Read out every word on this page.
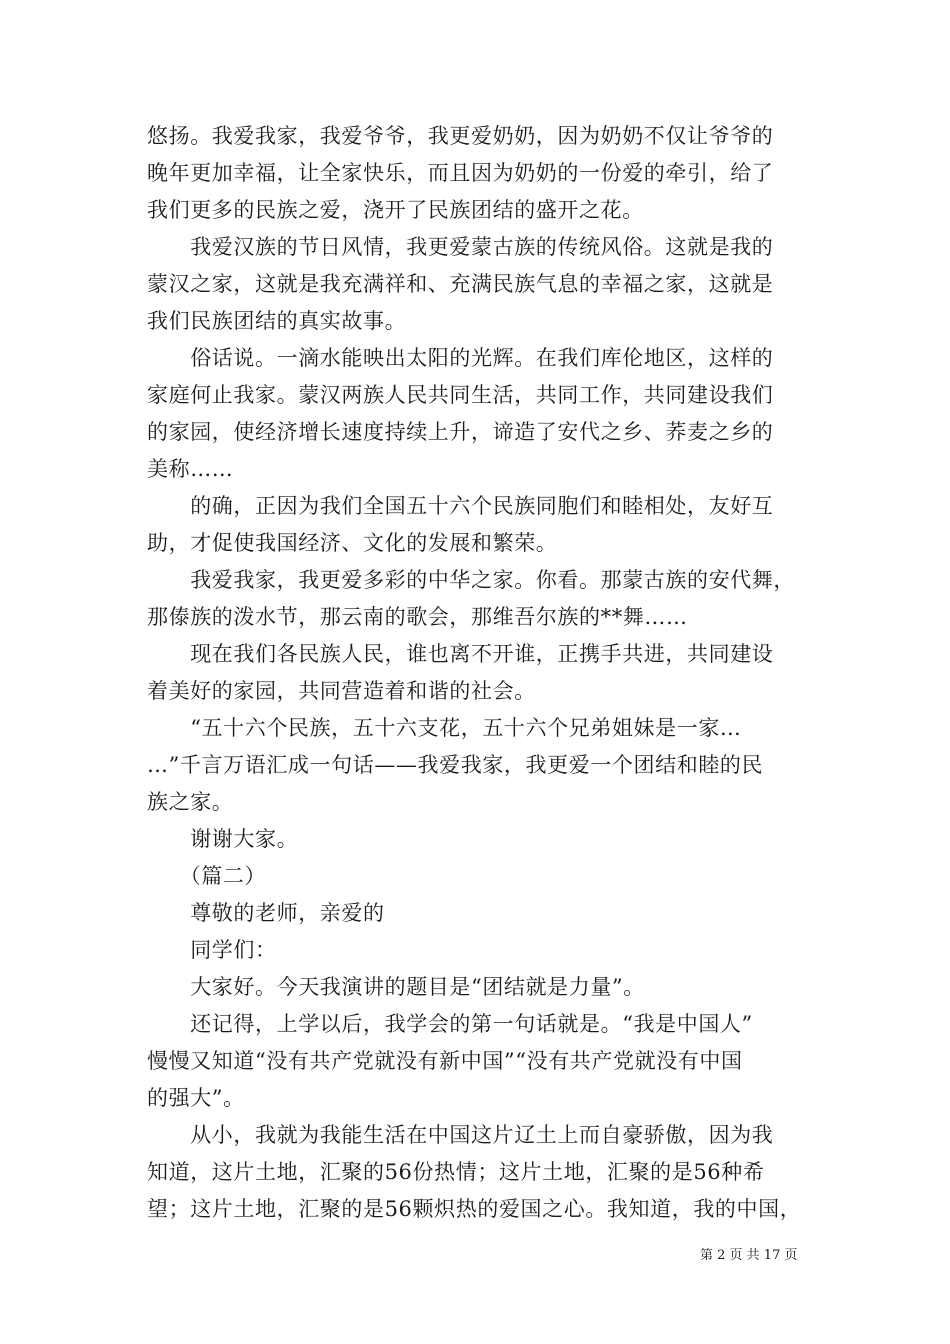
悠扬。我爱我家，我爱爷爷，我更爱奶奶，因为奶奶不仅让爷爷的
晚年更加幸福，让全家快乐，而且因为奶奶的一份爱的牵引，给了
我们更多的民族之爱，浇开了民族团结的盛开之花。
　　我爱汉族的节日风情，我更爱蒙古族的传统风俗。这就是我的
蒙汉之家，这就是我充满祥和、充满民族气息的幸福之家，这就是
我们民族团结的真实故事。
　　俗话说。一滴水能映出太阳的光辉。在我们库伦地区，这样的
家庭何止我家。蒙汉两族人民共同生活，共同工作，共同建设我们
的家园，使经济增长速度持续上升，谛造了安代之乡、荞麦之乡的
美称……
　　的确，正因为我们全国五十六个民族同胞们和睦相处，友好互
助，才促使我国经济、文化的发展和繁荣。
　　我爱我家，我更爱多彩的中华之家。你看。那蒙古族的安代舞，
那傣族的泼水节，那云南的歌会，那维吾尔族的**舞……
　　现在我们各民族人民，谁也离不开谁，正携手共进，共同建设
着美好的家园，共同营造着和谐的社会。
　　“五十六个民族，五十六支花，五十六个兄弟姐妹是一家…
…”千言万语汇成一句话——我爱我家，我更爱一个团结和睦的民
族之家。
　　谢谢大家。
　　（篇二）
　　尊敬的老师，亲爱的
　　同学们：
　　大家好。今天我演讲的题目是“团结就是力量”。
　　还记得，上学以后，我学会的第一句话就是。“我是中国人”
慢慢又知道“没有共产党就没有新中国”“没有共产党就没有中国
的强大”。
　　从小，我就为我能生活在中国这片辽土上而自豪骄傲，因为我
知道，这片土地，汇聚的56份热情；这片土地，汇聚的是56种希
望；这片土地，汇聚的是56颗炽热的爱国之心。我知道，我的中国，
第 2 页 共 17 页
